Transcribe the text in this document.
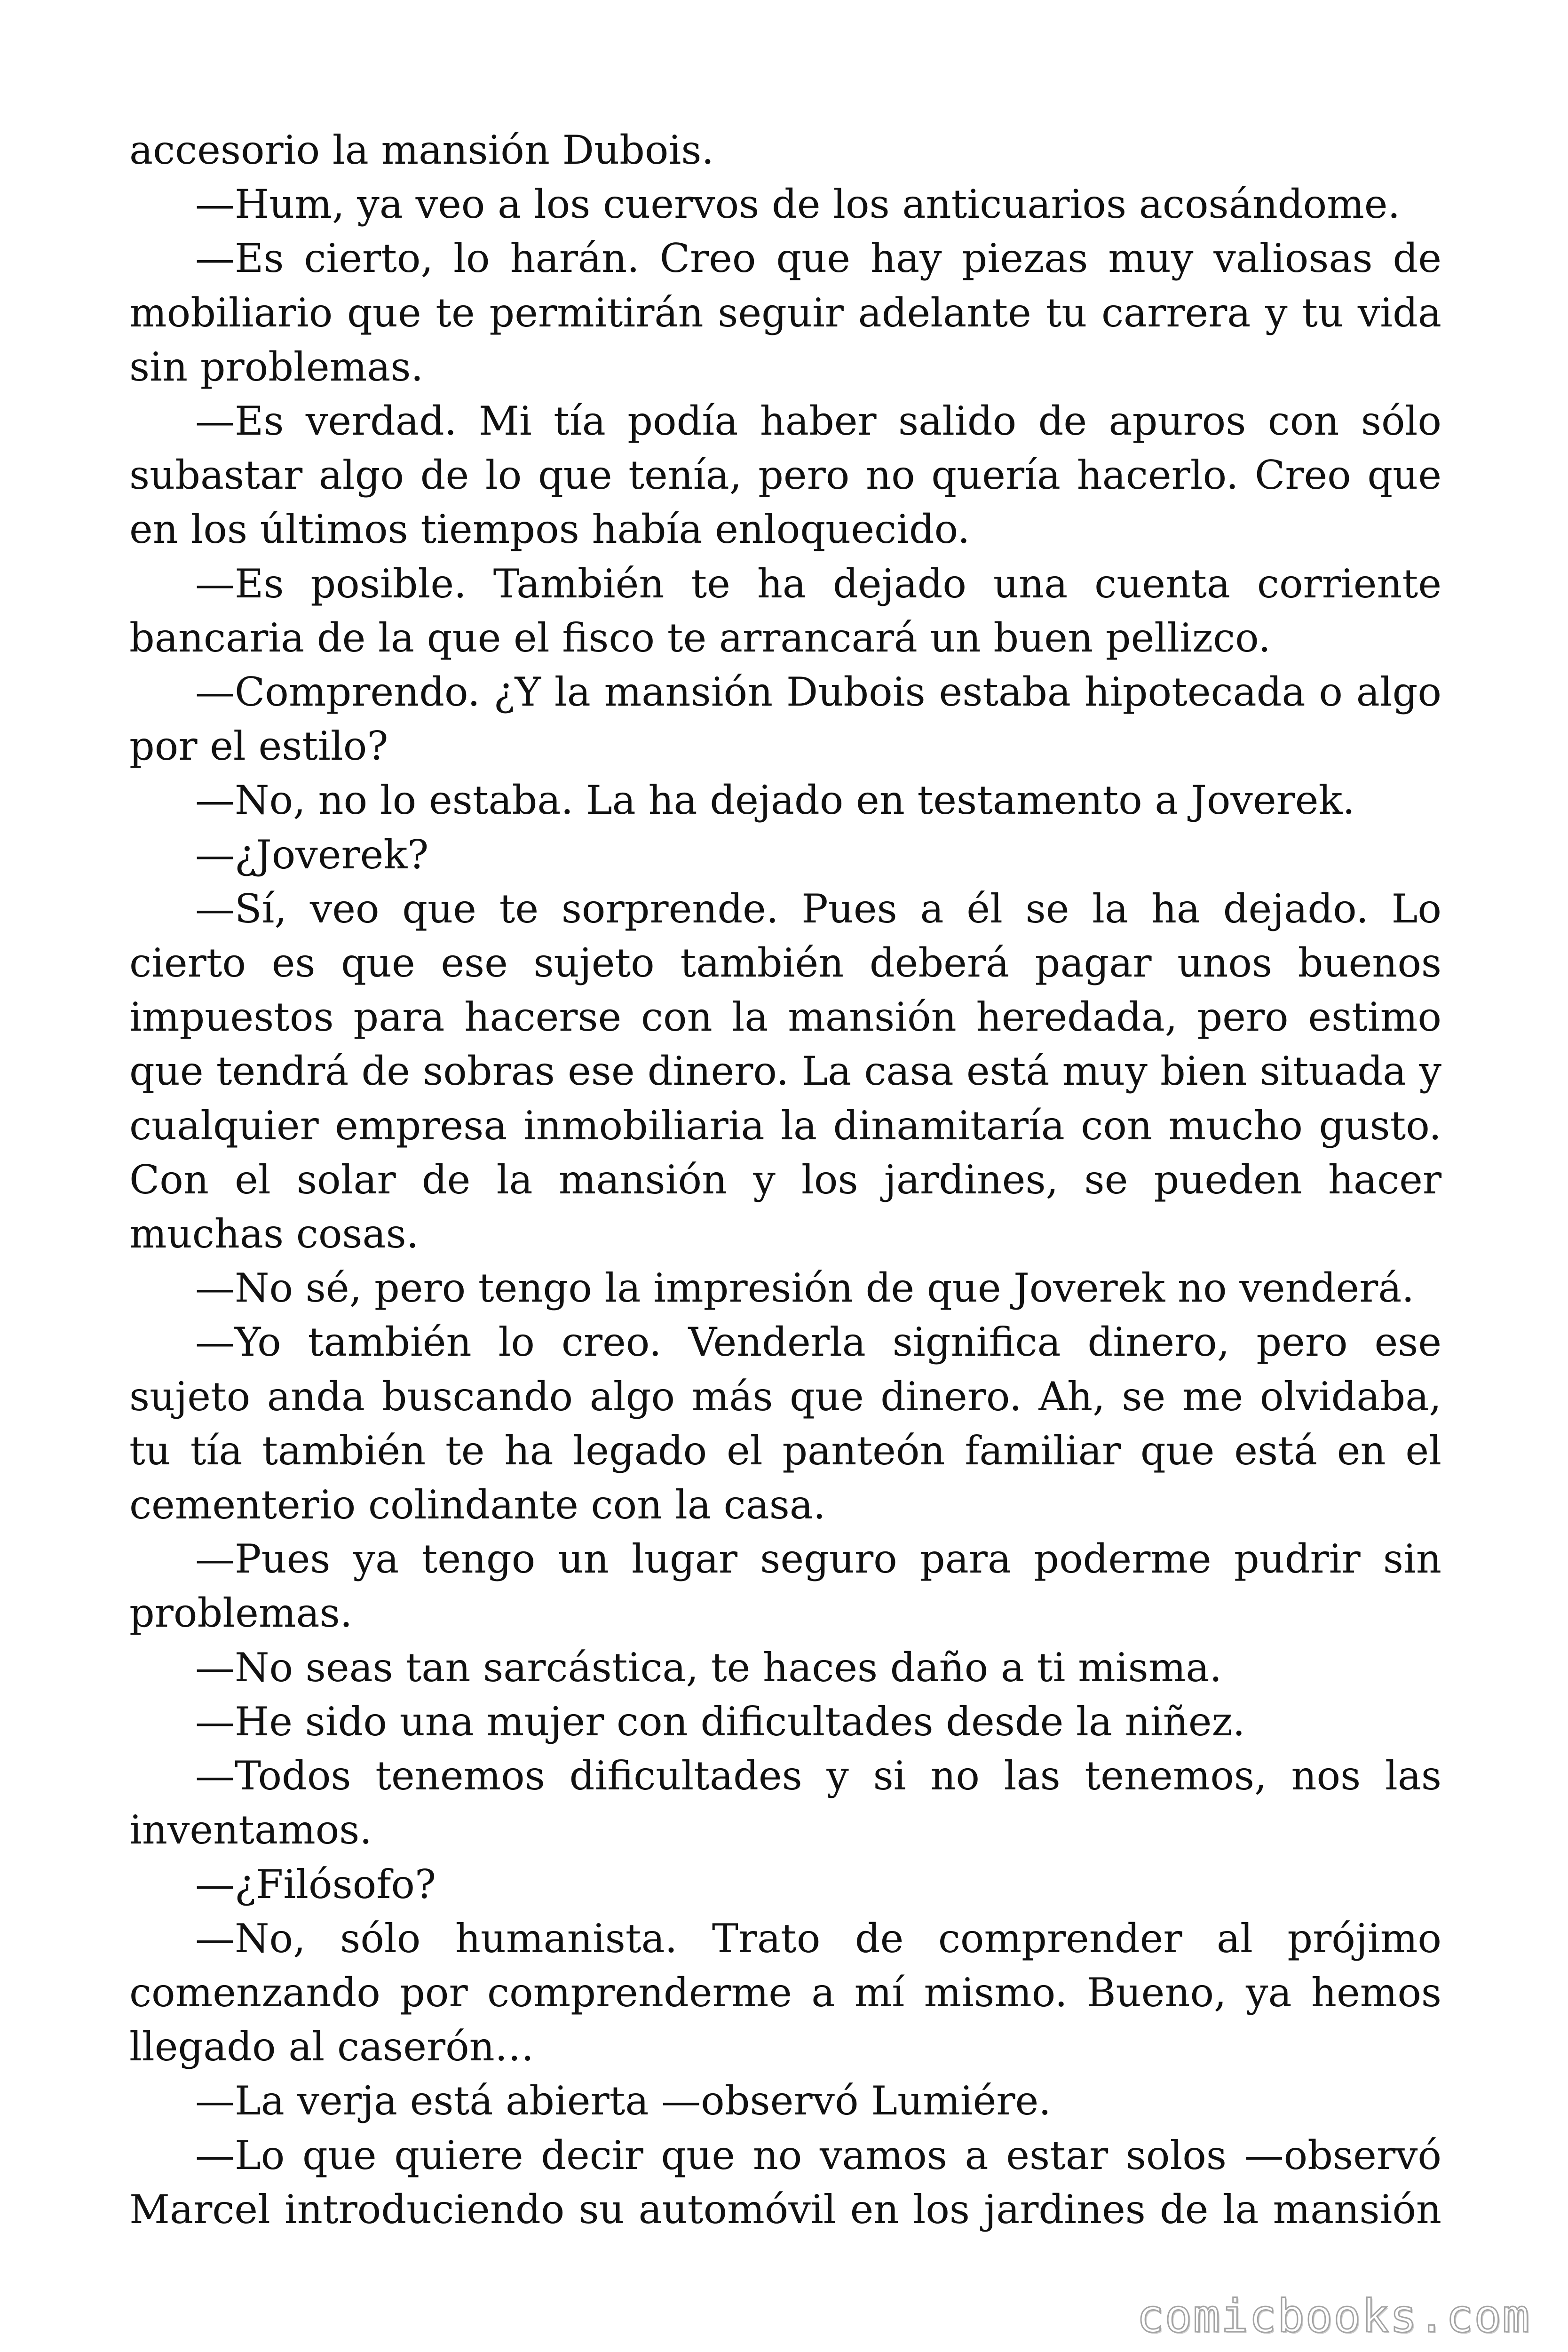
accesorio la mansión Dubois.

—Hum, ya veo a los cuervos de los anticuarios acosándome.

—Es cierto, lo harán. Creo que hay piezas muy valiosas de mobiliario que te permitirán seguir adelante tu carrera y tu vida sin problemas.

—Es verdad. Mi tía podía haber salido de apuros con sólo subastar algo de lo que tenía, pero no quería hacerlo. Creo que en los últimos tiempos había enloquecido.

—Es posible. También te ha dejado una cuenta corriente bancaria de la que el fisco te arrancará un buen pellizco.

—Comprendo. ¿Y la mansión Dubois estaba hipotecada o algo por el estilo?

—No, no lo estaba. La ha dejado en testamento a Joverek.

—¿Joverek?

—Sí, veo que te sorprende. Pues a él se la ha dejado. Lo cierto es que ese sujeto también deberá pagar unos buenos impuestos para hacerse con la mansión heredada, pero estimo que tendrá de sobras ese dinero. La casa está muy bien situada y cualquier empresa inmobiliaria la dinamitaría con mucho gusto. Con el solar de la mansión y los jardines, se pueden hacer muchas cosas.

—No sé, pero tengo la impresión de que Joverek no venderá.

—Yo también lo creo. Venderla significa dinero, pero ese sujeto anda buscando algo más que dinero. Ah, se me olvidaba, tu tía también te ha legado el panteón familiar que está en el cementerio colindante con la casa.

—Pues ya tengo un lugar seguro para poderme pudrir sin problemas.

—No seas tan sarcástica, te haces daño a ti misma.

—He sido una mujer con dificultades desde la niñez.

—Todos tenemos dificultades y si no las tenemos, nos las inventamos.

—¿Filósofo?

—No, sólo humanista. Trato de comprender al prójimo comenzando por comprenderme a mí mismo. Bueno, ya hemos llegado al caserón…

—La verja está abierta —observó Lumiére.

—Lo que quiere decir que no vamos a estar solos —observó Marcel introduciendo su automóvil en los jardines de la mansión

comicbooks.com
